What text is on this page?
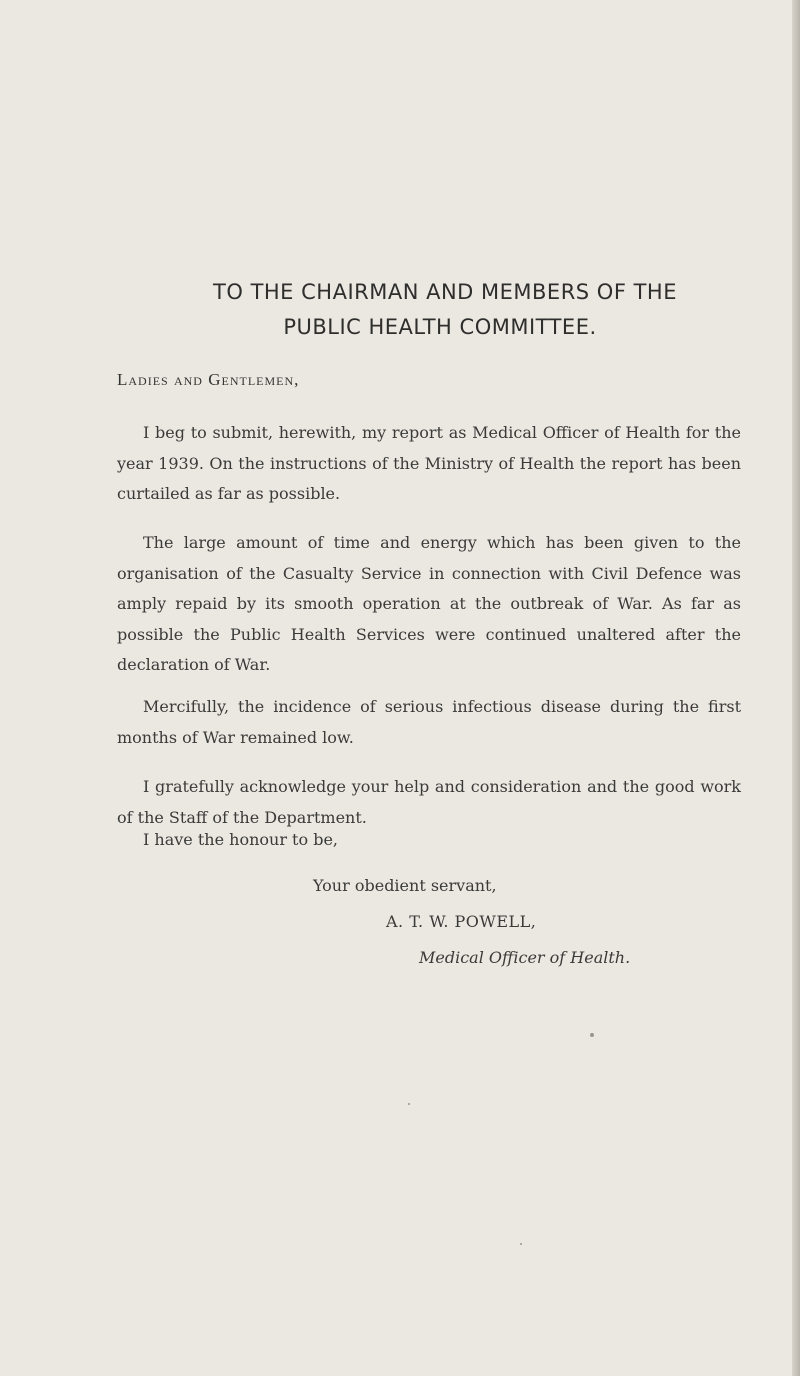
TO THE CHAIRMAN AND MEMBERS OF THE
PUBLIC HEALTH COMMITTEE.
Ladies and Gentlemen,

I beg to submit, herewith, my report as Medical Officer of Health for the year 1939. On the instructions of the Ministry of Health the report has been curtailed as far as possible.

The large amount of time and energy which has been given to the organisation of the Casualty Service in connection with Civil Defence was amply repaid by its smooth operation at the outbreak of War. As far as possible the Public Health Services were continued unaltered after the declaration of War.

Mercifully, the incidence of serious infectious disease during the first months of War remained low.

I gratefully acknowledge your help and consideration and the good work of the Staff of the Department.

I have the honour to be,
Your obedient servant,
A. T. W. POWELL,
Medical Officer of Health.
